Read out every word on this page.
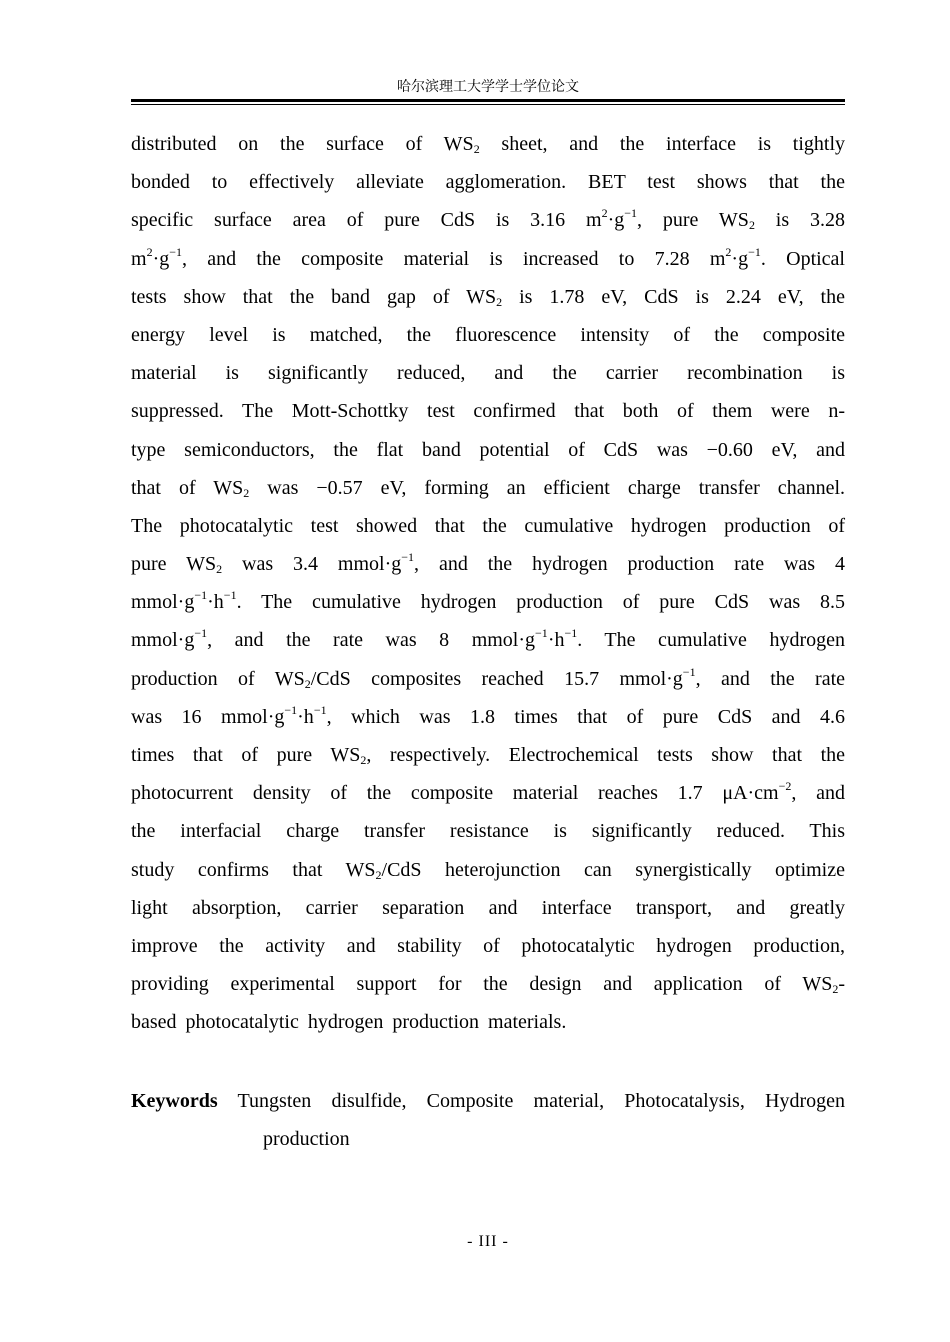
哈尔滨理工大学学士学位论文
distributed on the surface of $WS_2$ sheet, and the interface is tightly
bonded to effectively alleviate agglomeration. BET test shows that the
specific surface area of pure CdS is 3.16 $m^2\cdot g^{-1}$, pure $WS_2$ is 3.28
$m^2\cdot g^{-1}$, and the composite material is increased to 7.28 $m^2\cdot g^{-1}$. Optical
tests show that the band gap of $WS_2$ is 1.78 eV, CdS is 2.24 eV, the
energy level is matched, the fluorescence intensity of the composite
material is significantly reduced, and the carrier recombination is
suppressed. The Mott-Schottky test confirmed that both of them were n-
type semiconductors, the flat band potential of CdS was −0.60 eV, and
that of $WS_2$ was −0.57 eV, forming an efficient charge transfer channel.
The photocatalytic test showed that the cumulative hydrogen production of
pure $WS_2$ was 3.4 $mmol\cdot g^{-1}$, and the hydrogen production rate was 4
$mmol\cdot g^{-1}\cdot h^{-1}$. The cumulative hydrogen production of pure CdS was 8.5
$mmol\cdot g^{-1}$, and the rate was 8 $mmol\cdot g^{-1}\cdot h^{-1}$. The cumulative hydrogen
production of $WS_2$/CdS composites reached 15.7 $mmol\cdot g^{-1}$, and the rate
was 16 $mmol\cdot g^{-1}\cdot h^{-1}$, which was 1.8 times that of pure CdS and 4.6
times that of pure $WS_2$, respectively. Electrochemical tests show that the
photocurrent density of the composite material reaches 1.7 $\mu A\cdot cm^{-2}$, and
the interfacial charge transfer resistance is significantly reduced. This
study confirms that $WS_2$/CdS heterojunction can synergistically optimize
light absorption, carrier separation and interface transport, and greatly
improve the activity and stability of photocatalytic hydrogen production,
providing experimental support for the design and application of $WS_2-$
based photocatalytic hydrogen production materials.
Keywords Tungsten disulfide, Composite material, Photocatalysis, Hydrogen
production
- III -
